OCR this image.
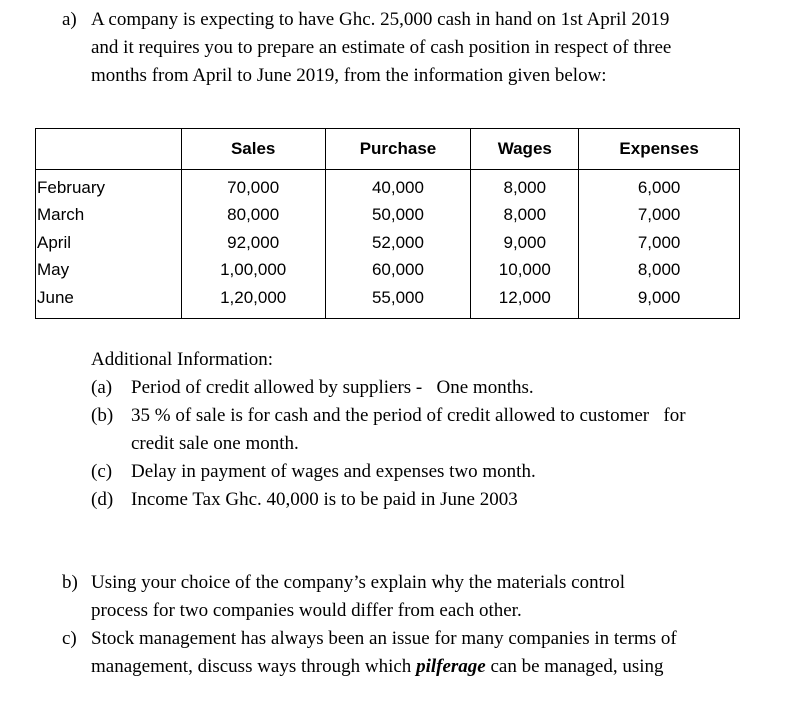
a) A company is expecting to have Ghc. 25,000 cash in hand on 1st April 2019
and it requires you to prepare an estimate of cash position in respect of three
months from April to June 2019, from the information given below:
	Sales	Purchase	Wages	Expenses
February	70,000	40,000	8,000	6,000
March	80,000	50,000	8,000	7,000
April	92,000	52,000	9,000	7,000
May	1,00,000	60,000	10,000	8,000
June	1,20,000	55,000	12,000	9,000
Additional Information:
(a) Period of credit allowed by suppliers -   One months.
(b) 35 % of sale is for cash and the period of credit allowed to customer   for
credit sale one month.
(c) Delay in payment of wages and expenses two month.
(d) Income Tax Ghc. 40,000 is to be paid in June 2003
b) Using your choice of the company’s explain why the materials control
process for two companies would differ from each other.
c) Stock management has always been an issue for many companies in terms of
management, discuss ways through which pilferage can be managed, using
